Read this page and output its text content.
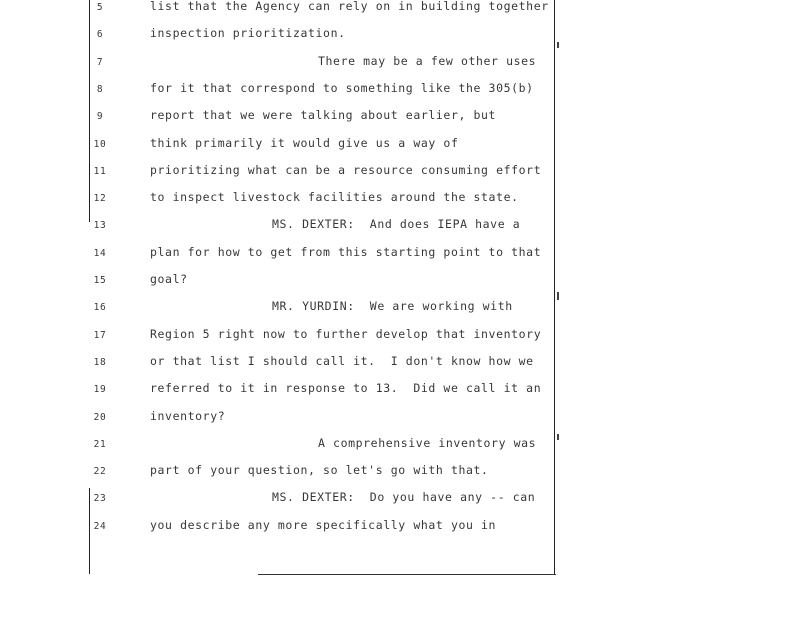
5	list that the Agency can rely on in building together
6	inspection prioritization.
7	There may be a few other uses
8	for it that correspond to something like the 305(b)
9	report that we were talking about earlier, but
10	think primarily it would give us a way of
11	prioritizing what can be a resource consuming effort
12	to inspect livestock facilities around the state.
13	MS. DEXTER:  And does IEPA have a
14	plan for how to get from this starting point to that
15	goal?
16	MR. YURDIN:  We are working with
17	Region 5 right now to further develop that inventory
18	or that list I should call it.  I don't know how we
19	referred to it in response to 13.  Did we call it an
20	inventory?
21	A comprehensive inventory was
22	part of your question, so let's go with that.
23	MS. DEXTER:  Do you have any -- can
24	you describe any more specifically what you in
